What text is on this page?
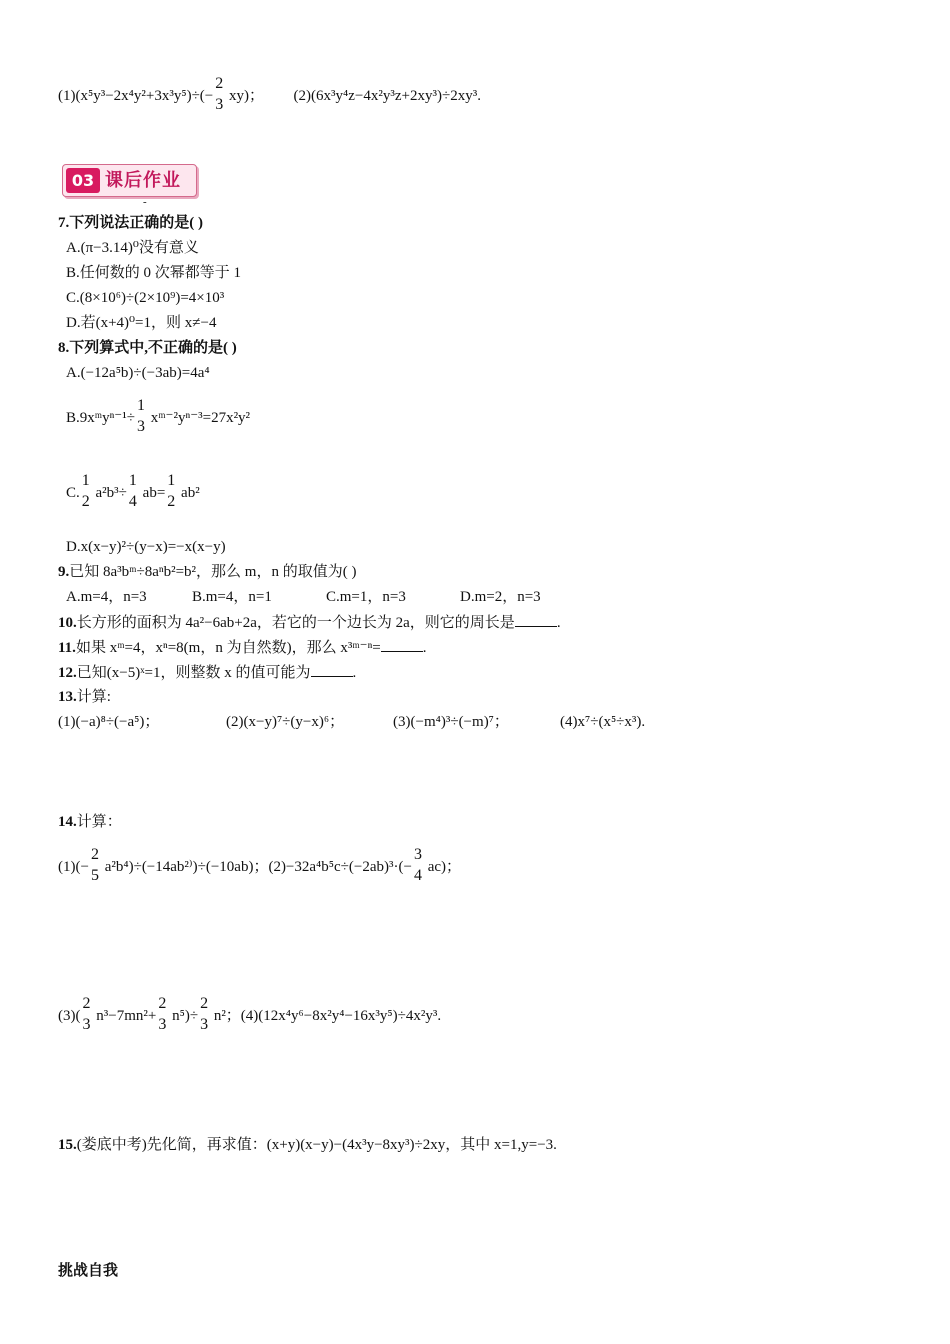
(1)(x⁵y³−2x⁴y²+3x³y⁵)÷(−
2
3
xy)； (2)(6x³y⁴z−4x²y³z+2xy³)÷2xy³.
03 课后作业
-
7.下列说法正确的是( )
A.(π−3.14)⁰没有意义
B.任何数的 0 次幂都等于 1
C.(8×10⁶)÷(2×10⁹)=4×10³
D.若(x+4)⁰=1，则 x≠−4
8.下列算式中,不正确的是( )
A.(−12a⁵b)÷(−3ab)=4a⁴
B.9xᵐyⁿ⁻¹÷
1
3
xᵐ⁻²yⁿ⁻³=27x²y²
C.
1
2
a²b³÷
1
4
ab=
1
2
ab²
D.x(x−y)²÷(y−x)=−x(x−y)
9.已知 8a³bᵐ÷8aⁿb²=b²，那么 m，n 的取值为( )
A.m=4，n=3	B.m=4，n=1	C.m=1，n=3	D.m=2，n=3
10.长方形的面积为 4a²−6ab+2a，若它的一个边长为 2a，则它的周长是	.
11.如果 xᵐ=4，xⁿ=8(m，n 为自然数)，那么 x³ᵐ⁻ⁿ=	.
12.已知(x−5)ˣ=1，则整数 x 的值可能为	.
13.计算:
(1)(−a)⁸÷(−a⁵)；	(2)(x−y)⁷÷(y−x)⁶；	(3)(−m⁴)³÷(−m)⁷；	(4)x⁷÷(x⁵÷x³).
14.计算：
(1)(−
2
5
a²b⁴)÷(−14ab²⁾)÷(−10ab)；(2)−32a⁴b⁵c÷(−2ab)³·(−
3
4
ac)；
(3)(
2
3
n³−7mn²+
2
3
n⁵)÷
2
3
n²；(4)(12x⁴y⁶−8x²y⁴−16x³y⁵)÷4x²y³.
15.(娄底中考)先化简，再求值：(x+y)(x−y)−(4x³y−8xy³)÷2xy，其中 x=1,y=−3.
挑战自我
